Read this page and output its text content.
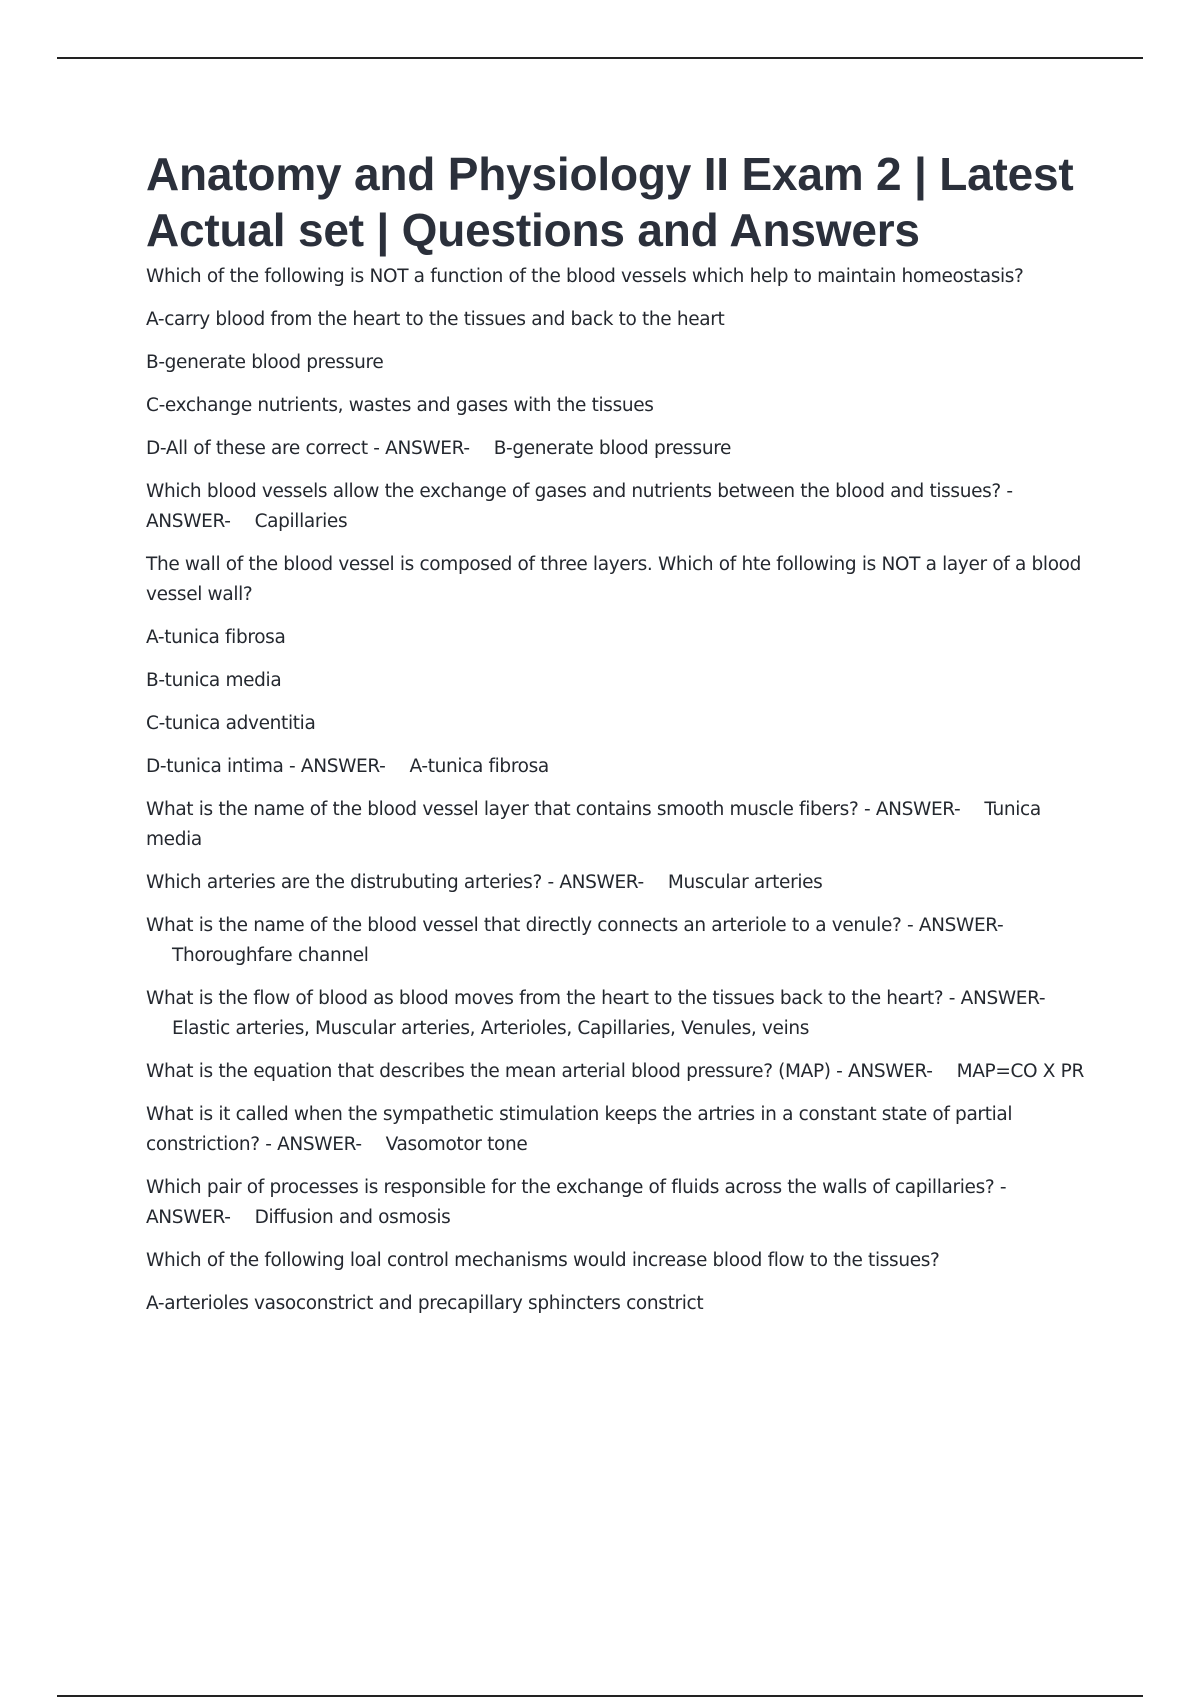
Anatomy and Physiology II Exam 2 | Latest Actual set | Questions and Answers

Which of the following is NOT a function of the blood vessels which help to maintain homeostasis?

A-carry blood from the heart to the tissues and back to the heart

B-generate blood pressure

C-exchange nutrients, wastes and gases with the tissues

D-All of these are correct - ANSWER- B-generate blood pressure

Which blood vessels allow the exchange of gases and nutrients between the blood and tissues? - ANSWER- Capillaries

The wall of the blood vessel is composed of three layers. Which of hte following is NOT a layer of a blood vessel wall?

A-tunica fibrosa

B-tunica media

C-tunica adventitia

D-tunica intima - ANSWER- A-tunica fibrosa

What is the name of the blood vessel layer that contains smooth muscle fibers? - ANSWER- Tunica media

Which arteries are the distrubuting arteries? - ANSWER- Muscular arteries

What is the name of the blood vessel that directly connects an arteriole to a venule? - ANSWER-
Thoroughfare channel

What is the flow of blood as blood moves from the heart to the tissues back to the heart? - ANSWER-
Elastic arteries, Muscular arteries, Arterioles, Capillaries, Venules, veins

What is the equation that describes the mean arterial blood pressure? (MAP) - ANSWER- MAP=CO X PR

What is it called when the sympathetic stimulation keeps the artries in a constant state of partial constriction? - ANSWER- Vasomotor tone

Which pair of processes is responsible for the exchange of fluids across the walls of capillaries? - ANSWER- Diffusion and osmosis

Which of the following loal control mechanisms would increase blood flow to the tissues?

A-arterioles vasoconstrict and precapillary sphincters constrict
